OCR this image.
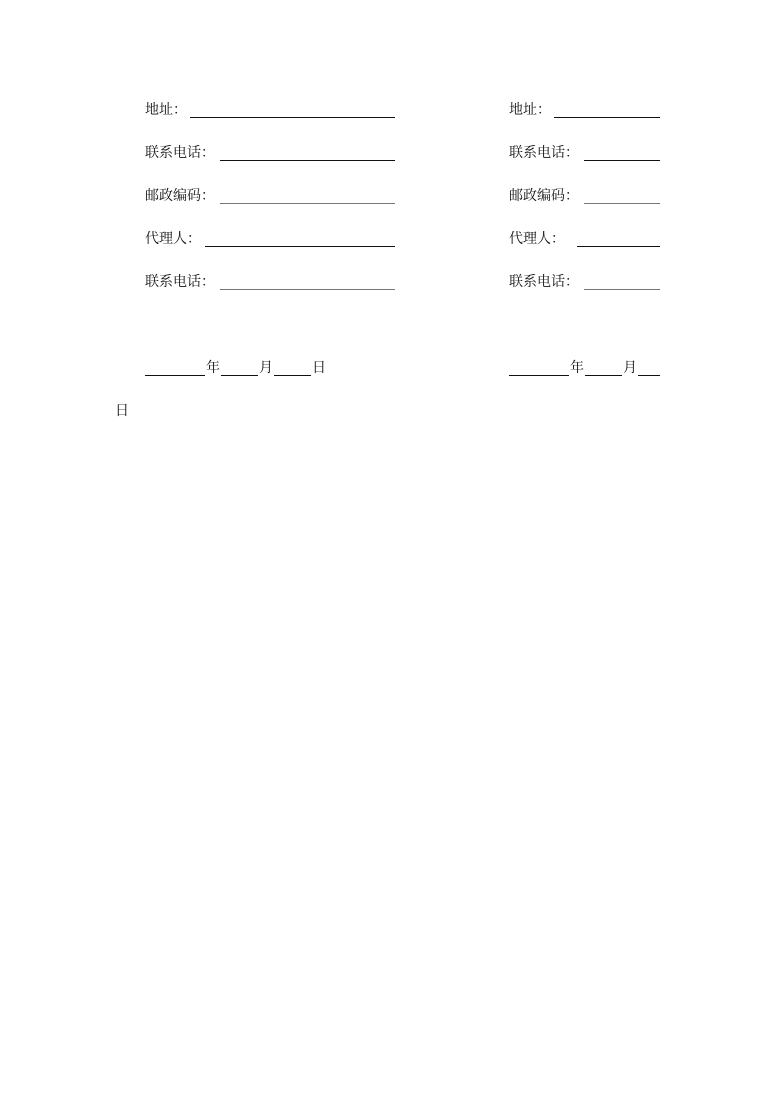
地址：
联系电话：
邮政编码：
代理人：
联系电话：
年	月	日
地址：
联系电话：
邮政编码：
代理人：
联系电话：
年	月
日
